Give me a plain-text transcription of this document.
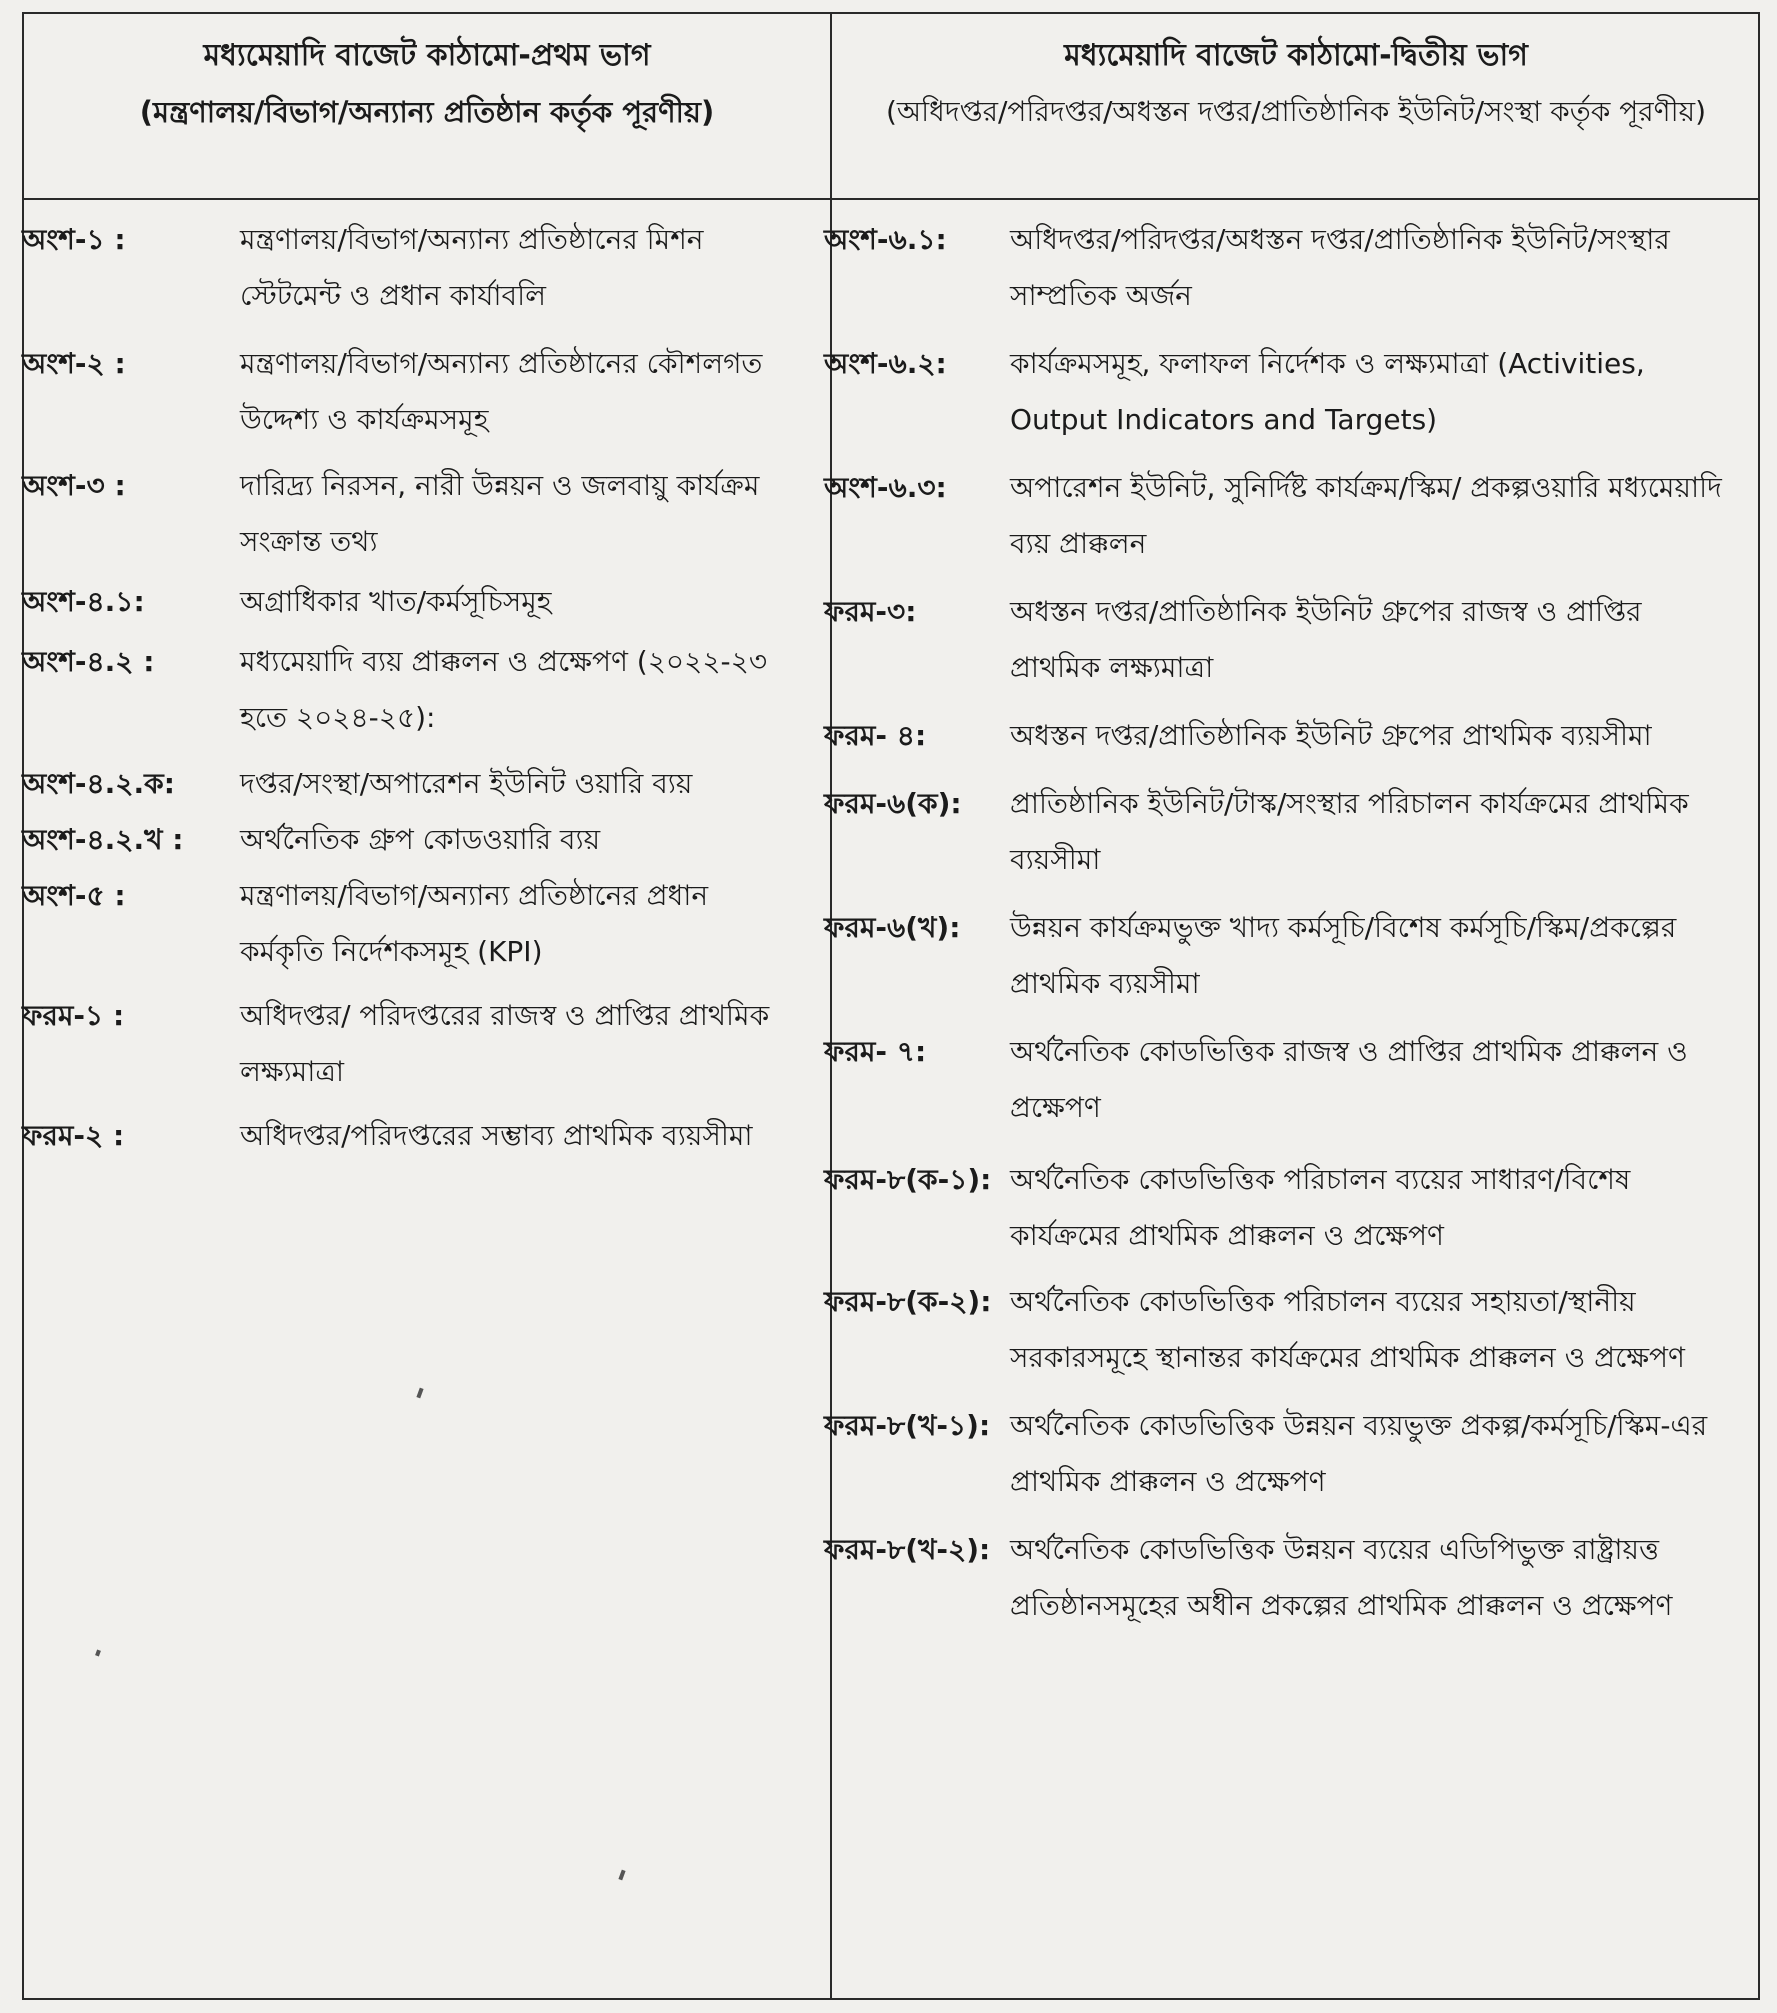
মধ্যমেয়াদি বাজেট কাঠামো-প্রথম ভাগ
(মন্ত্রণালয়/বিভাগ/অন্যান্য প্রতিষ্ঠান কর্তৃক পূরণীয়)
মধ্যমেয়াদি বাজেট কাঠামো-দ্বিতীয় ভাগ
(অধিদপ্তর/পরিদপ্তর/অধস্তন দপ্তর/প্রাতিষ্ঠানিক ইউনিট/সংস্থা কর্তৃক পূরণীয়)
অংশ-১ :	মন্ত্রণালয়/বিভাগ/অন্যান্য প্রতিষ্ঠানের মিশন স্টেটমেন্ট ও প্রধান কার্যাবলি
অংশ-২ :	মন্ত্রণালয়/বিভাগ/অন্যান্য প্রতিষ্ঠানের কৌশলগত উদ্দেশ্য ও কার্যক্রমসমূহ
অংশ-৩ :	দারিদ্র্য নিরসন, নারী উন্নয়ন ও জলবায়ু কার্যক্রম সংক্রান্ত তথ্য
অংশ-৪.১:	অগ্রাধিকার খাত/কর্মসূচিসমূহ
অংশ-৪.২ :	মধ্যমেয়াদি ব্যয় প্রাক্কলন ও প্রক্ষেপণ (২০২২-২৩ হতে ২০২৪-২৫):
অংশ-৪.২.ক:	দপ্তর/সংস্থা/অপারেশন ইউনিট ওয়ারি ব্যয়
অংশ-৪.২.খ :	অর্থনৈতিক গ্রুপ কোডওয়ারি ব্যয়
অংশ-৫ :	মন্ত্রণালয়/বিভাগ/অন্যান্য প্রতিষ্ঠানের প্রধান কর্মকৃতি নির্দেশকসমূহ (KPI)
ফরম-১ :	অধিদপ্তর/ পরিদপ্তরের রাজস্ব ও প্রাপ্তির প্রাথমিক লক্ষ্যমাত্রা
ফরম-২ :	অধিদপ্তর/পরিদপ্তরের সম্ভাব্য প্রাথমিক ব্যয়সীমা
অংশ-৬.১:	অধিদপ্তর/পরিদপ্তর/অধস্তন দপ্তর/প্রাতিষ্ঠানিক ইউনিট/সংস্থার সাম্প্রতিক অর্জন
অংশ-৬.২:	কার্যক্রমসমূহ, ফলাফল নির্দেশক ও লক্ষ্যমাত্রা (Activities, Output Indicators and Targets)
অংশ-৬.৩:	অপারেশন ইউনিট, সুনির্দিষ্ট কার্যক্রম/স্কিম/ প্রকল্পওয়ারি মধ্যমেয়াদি ব্যয় প্রাক্কলন
ফরম-৩:	অধস্তন দপ্তর/প্রাতিষ্ঠানিক ইউনিট গ্রুপের রাজস্ব ও প্রাপ্তির প্রাথমিক লক্ষ্যমাত্রা
ফরম- ৪:	অধস্তন দপ্তর/প্রাতিষ্ঠানিক ইউনিট গ্রুপের প্রাথমিক ব্যয়সীমা
ফরম-৬(ক):	প্রাতিষ্ঠানিক ইউনিট/টাস্ক/সংস্থার পরিচালন কার্যক্রমের প্রাথমিক ব্যয়সীমা
ফরম-৬(খ):	উন্নয়ন কার্যক্রমভুক্ত খাদ্য কর্মসূচি/বিশেষ কর্মসূচি/স্কিম/প্রকল্পের প্রাথমিক ব্যয়সীমা
ফরম- ৭:	অর্থনৈতিক কোডভিত্তিক রাজস্ব ও প্রাপ্তির প্রাথমিক প্রাক্কলন ও প্রক্ষেপণ
ফরম-৮(ক-১): অর্থনৈতিক কোডভিত্তিক পরিচালন ব্যয়ের সাধারণ/বিশেষ কার্যক্রমের প্রাথমিক প্রাক্কলন ও প্রক্ষেপণ
ফরম-৮(ক-২): অর্থনৈতিক কোডভিত্তিক পরিচালন ব্যয়ের সহায়তা/স্থানীয় সরকারসমূহে স্থানান্তর কার্যক্রমের প্রাথমিক প্রাক্কলন ও প্রক্ষেপণ
ফরম-৮(খ-১): অর্থনৈতিক কোডভিত্তিক উন্নয়ন ব্যয়ভুক্ত প্রকল্প/কর্মসূচি/স্কিম-এর প্রাথমিক প্রাক্কলন ও প্রক্ষেপণ
ফরম-৮(খ-২): অর্থনৈতিক কোডভিত্তিক উন্নয়ন ব্যয়ের এডিপিভুক্ত রাষ্ট্রায়ত্ত প্রতিষ্ঠানসমূহের অধীন প্রকল্পের প্রাথমিক প্রাক্কলন ও প্রক্ষেপণ
